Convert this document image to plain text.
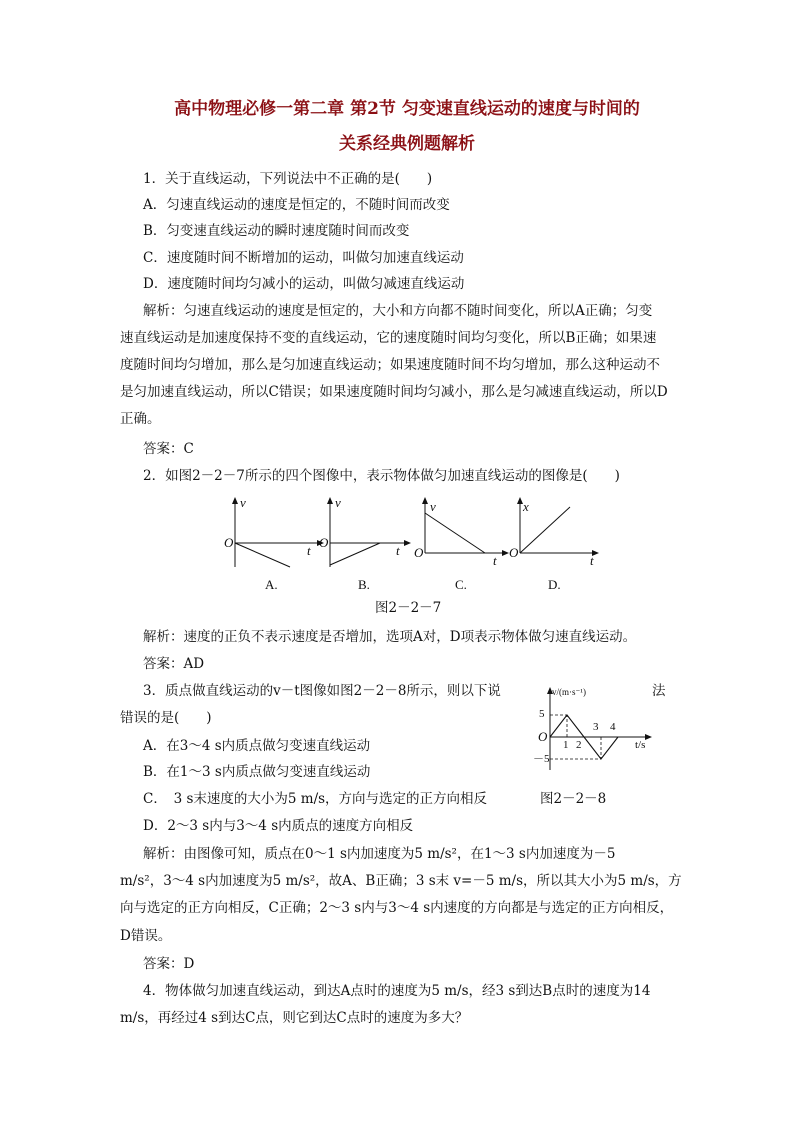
高中物理必修一第二章 第2节 匀变速直线运动的速度与时间的
关系经典例题解析
1．关于直线运动，下列说法中不正确的是(　　)
A．匀速直线运动的速度是恒定的，不随时间而改变
B．匀变速直线运动的瞬时速度随时间而改变
C．速度随时间不断增加的运动，叫做匀加速直线运动
D．速度随时间均匀减小的运动，叫做匀减速直线运动
解析：匀速直线运动的速度是恒定的，大小和方向都不随时间变化，所以A正确；匀变
速直线运动是加速度保持不变的直线运动，它的速度随时间均匀变化，所以B正确；如果速
度随时间均匀增加，那么是匀加速直线运动；如果速度随时间不均匀增加，那么这种运动不
是匀加速直线运动，所以C错误；如果速度随时间均匀减小，那么是匀减速直线运动，所以D
正确。
答案：C
2．如图2－2－7所示的四个图像中，表示物体做匀加速直线运动的图像是(　　)
v
O
t
A.
v
O
t
B.
v
O
t
C.
x
O
t
D.
图2－2－7
解析：速度的正负不表示速度是否增加，选项A对，D项表示物体做匀速直线运动。
答案：AD
3．质点做直线运动的v－t图像如图2－2－8所示，则以下说	法
错误的是(　　)
A．在3～4 s内质点做匀变速直线运动
B．在1～3 s内质点做匀变速直线运动
C．　3 s末速度的大小为5 m/s，方向与选定的正方向相反
D．2～3 s内与3～4 s内质点的速度方向相反
v/(m·s⁻¹)
t/s
O
5
－5
1 2
3 4
图2－2－8
解析：由图像可知，质点在0～1 s内加速度为5 m/s²，在1～3 s内加速度为－5
m/s²，3～4 s内加速度为5 m/s²，故A、B正确；3 s末 v=－5 m/s，所以其大小为5 m/s，方
向与选定的正方向相反，C正确；2～3 s内与3～4 s内速度的方向都是与选定的正方向相反，
D错误。
答案：D
4．物体做匀加速直线运动，到达A点时的速度为5 m/s，经3 s到达B点时的速度为14
m/s，再经过4 s到达C点，则它到达C点时的速度为多大？
